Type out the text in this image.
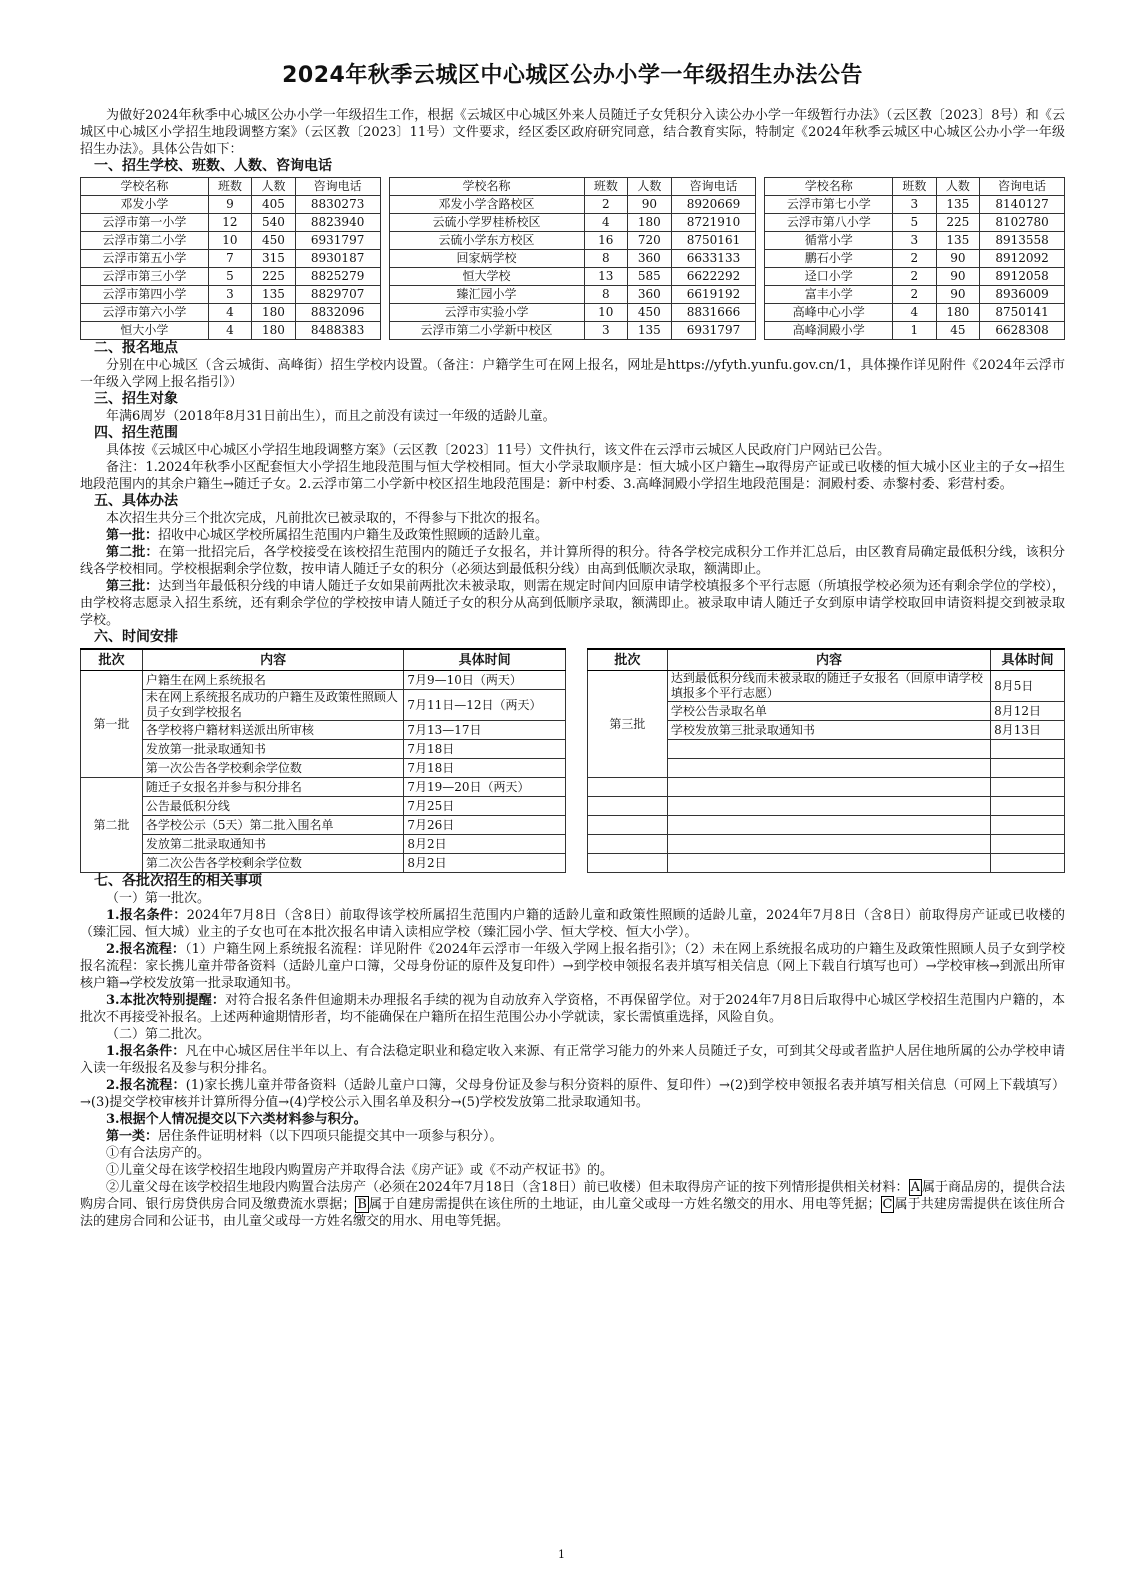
2024年秋季云城区中心城区公办小学一年级招生办法公告

为做好2024年秋季中心城区公办小学一年级招生工作，根据《云城区中心城区外来人员随迁子女凭积分入读公办小学一年级暂行办法》（云区教〔2023〕8号）和《云城区中心城区小学招生地段调整方案》（云区教〔2023〕11号）文件要求，经区委区政府研究同意，结合教育实际，特制定《2024年秋季云城区中心城区公办小学一年级招生办法》。具体公告如下：

一、招生学校、班数、人数、咨询电话
学校名称	班数	人数	咨询电话		学校名称	班数	人数	咨询电话		学校名称	班数	人数	咨询电话
邓发小学	9	405	8830273		邓发小学含路校区	2	90	8920669		云浮市第七小学	3	135	8140127
云浮市第一小学	12	540	8823940		云硫小学罗桂桥校区	4	180	8721910		云浮市第八小学	5	225	8102780
云浮市第二小学	10	450	6931797		云硫小学东方校区	16	720	8750161		循常小学	3	135	8913558
云浮市第五小学	7	315	8930187		回家炳学校	8	360	6633133		鹏石小学	2	90	8912092
云浮市第三小学	5	225	8825279		恒大学校	13	585	6622292		迳口小学	2	90	8912058
云浮市第四小学	3	135	8829707		臻汇园小学	8	360	6619192		富丰小学	2	90	8936009
云浮市第六小学	4	180	8832096		云浮市实验小学	10	450	8831666		高峰中心小学	4	180	8750141
恒大小学	4	180	8488383		云浮市第二小学新中校区	3	135	6931797		高峰洞殿小学	1	45	6628308
二、报名地点

分别在中心城区（含云城街、高峰街）招生学校内设置。（备注：户籍学生可在网上报名，网址是https://yfyth.yunfu.gov.cn/1，具体操作详见附件《2024年云浮市一年级入学网上报名指引》）

三、招生对象

年满6周岁（2018年8月31日前出生），而且之前没有读过一年级的适龄儿童。

四、招生范围

具体按《云城区中心城区小学招生地段调整方案》（云区教〔2023〕11号）文件执行，该文件在云浮市云城区人民政府门户网站已公告。

备注：1.2024年秋季小区配套恒大小学招生地段范围与恒大学校相同。恒大小学录取顺序是：恒大城小区户籍生→取得房产证或已收楼的恒大城小区业主的子女→招生地段范围内的其余户籍生→随迁子女。2.云浮市第二小学新中校区招生地段范围是：新中村委、3.高峰洞殿小学招生地段范围是：洞殿村委、赤黎村委、彩营村委。

五、具体办法

本次招生共分三个批次完成，凡前批次已被录取的，不得参与下批次的报名。

第一批：招收中心城区学校所属招生范围内户籍生及政策性照顾的适龄儿童。

第二批：在第一批招完后，各学校接受在该校招生范围内的随迁子女报名，并计算所得的积分。待各学校完成积分工作并汇总后，由区教育局确定最低积分线，该积分线各学校相同。学校根据剩余学位数，按申请人随迁子女的积分（必须达到最低积分线）由高到低顺次录取，额满即止。

第三批：达到当年最低积分线的申请人随迁子女如果前两批次未被录取，则需在规定时间内回原申请学校填报多个平行志愿（所填报学校必须为还有剩余学位的学校），由学校将志愿录入招生系统，还有剩余学位的学校按申请人随迁子女的积分从高到低顺序录取，额满即止。被录取申请人随迁子女到原申请学校取回申请资料提交到被录取学校。

六、时间安排
批次	内容	具体时间
第一批	户籍生在网上系统报名	7月9—10日（两天）
	未在网上系统报名成功的户籍生及政策性照顾人员子女到学校报名	7月11日—12日（两天）
	各学校将户籍材料送派出所审核	7月13—17日
	发放第一批录取通知书	7月18日
	第一次公告各学校剩余学位数	7月18日
第二批	随迁子女报名并参与积分排名	7月19—20日（两天）
	公告最低积分线	7月25日
	各学校公示（5天）第二批入围名单	7月26日
	发放第二批录取通知书	8月2日
	第二次公告各学校剩余学位数	8月2日
批次	内容	具体时间
第三批	达到最低积分线而未被录取的随迁子女报名（回原申请学校填报多个平行志愿）	8月5日
	学校公告录取名单	8月12日
	学校发放第三批录取通知书	8月13日

七、各批次招生的相关事项

（一）第一批次。

1.报名条件：2024年7月8日（含8日）前取得该学校所属招生范围内户籍的适龄儿童和政策性照顾的适龄儿童，2024年7月8日（含8日）前取得房产证或已收楼的（臻汇园、恒大城）业主的子女也可在本批次报名申请入读相应学校（臻汇园小学、恒大学校、恒大小学）。

2.报名流程：（1）户籍生网上系统报名流程：详见附件《2024年云浮市一年级入学网上报名指引》；（2）未在网上系统报名成功的户籍生及政策性照顾人员子女到学校报名流程：家长携儿童并带备资料（适龄儿童户口簿，父母身份证的原件及复印件）→到学校申领报名表并填写相关信息（网上下载自行填写也可）→学校审核→到派出所审核户籍→学校发放第一批录取通知书。

3.本批次特别提醒：对符合报名条件但逾期未办理报名手续的视为自动放弃入学资格，不再保留学位。对于2024年7月8日后取得中心城区学校招生范围内户籍的，本批次不再接受补报名。上述两种逾期情形者，均不能确保在户籍所在招生范围公办小学就读，家长需慎重选择，风险自负。

（二）第二批次。

1.报名条件：凡在中心城区居住半年以上、有合法稳定职业和稳定收入来源、有正常学习能力的外来人员随迁子女，可到其父母或者监护人居住地所属的公办学校申请入读一年级报名及参与积分排名。

2.报名流程：(1)家长携儿童并带备资料（适龄儿童户口簿，父母身份证及参与积分资料的原件、复印件）→(2)到学校申领报名表并填写相关信息（可网上下载填写）→(3)提交学校审核并计算所得分值→(4)学校公示入围名单及积分→(5)学校发放第二批录取通知书。

3.根据个人情况提交以下六类材料参与积分。

第一类：居住条件证明材料（以下四项只能提交其中一项参与积分）。

①有合法房产的。

①儿童父母在该学校招生地段内购置房产并取得合法《房产证》或《不动产权证书》的。

②儿童父母在该学校招生地段内购置合法房产（必须在2024年7月18日（含18日）前已收楼）但未取得房产证的按下列情形提供相关材料： A 属于商品房的，提供合法购房合同、银行房贷供房合同及缴费流水票据； B 属于自建房需提供在该住所的土地证，由儿童父或母一方姓名缴交的用水、用电等凭据； C 属于共建房需提供在该住所合法的建房合同和公证书，由儿童父或母一方姓名缴交的用水、用电等凭据。

1
